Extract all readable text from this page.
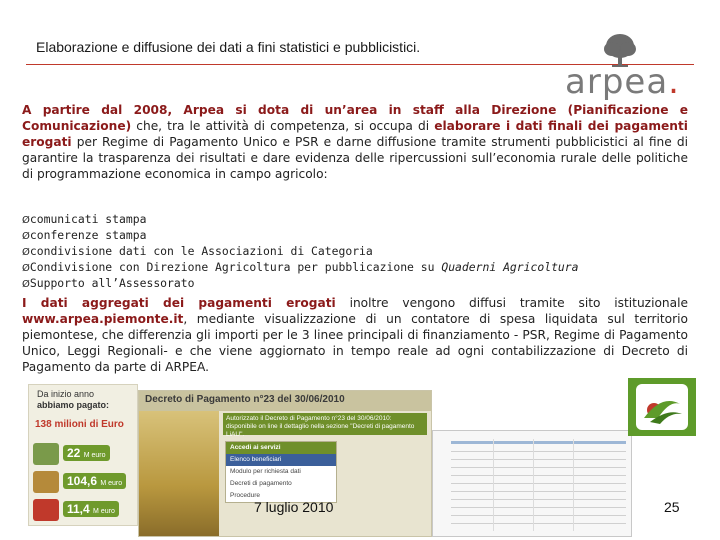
Elaborazione e diffusione dei dati a fini statistici e pubblicistici.
arpea.
A partire dal 2008, Arpea si dota di un’area in staff alla Direzione (Pianificazione e Comunicazione) che, tra le attività di competenza, si occupa di elaborare i dati finali dei pagamenti erogati per Regime di Pagamento Unico e PSR e darne diffusione tramite strumenti pubblicistici al fine di garantire la trasparenza dei risultati e dare evidenza delle ripercussioni sull’economia rurale delle politiche di programmazione economica in campo agricolo:
Øcomunicati stampa
Øconferenze stampa
Øcondivisione dati con le Associazioni di Categoria
ØCondivisione con Direzione Agricoltura per pubblicazione su Quaderni Agricoltura
ØSupporto all’Assessorato
I dati aggregati dei pagamenti erogati inoltre vengono diffusi tramite sito istituzionale www.arpea.piemonte.it, mediante visualizzazione di un contatore di spesa liquidata sul territorio piemontese, che differenzia gli importi per le 3 linee principali di finanziamento - PSR, Regime di Pagamento Unico, Leggi Regionali- e che viene aggiornato in tempo reale ad ogni contabilizzazione di Decreto di Pagamento da parte di ARPEA.
Da inizio anno
abbiamo pagato:
138 milioni di Euro
22 M euro
104,6 M euro
11,4 M euro
Decreto di Pagamento n°23 del 30/06/2010
Autorizzato il Decreto di Pagamento n°23 del 30/06/2010: disponibile on line il dettaglio nella sezione "Decreti di pagamento LiAU".
Accedi ai servizi
Elenco beneficiari
Modulo per richiesta dati
Decreti di pagamento
Procedure
7 luglio 2010	25
